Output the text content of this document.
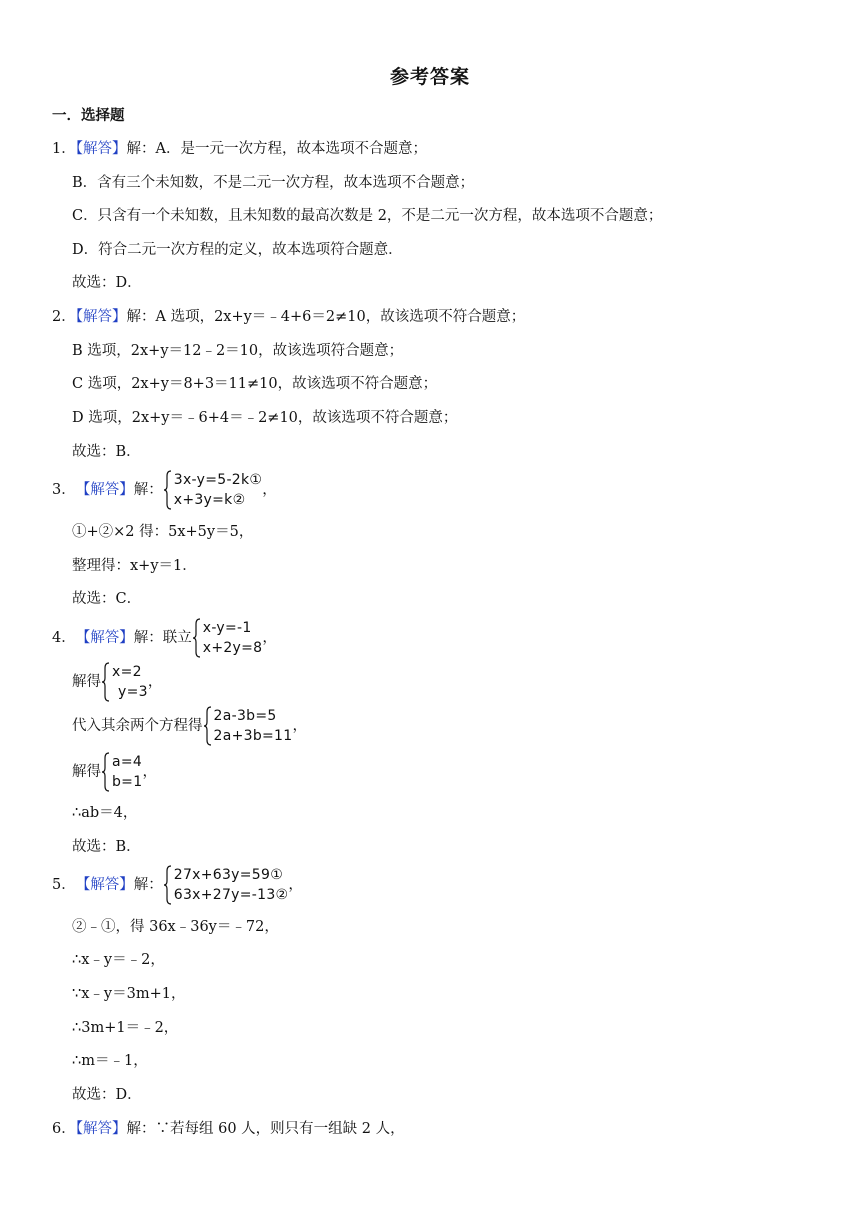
参考答案
一．选择题
1．【解答】解：A．是一元一次方程，故本选项不合题意；
B．含有三个未知数，不是二元一次方程，故本选项不合题意；
C．只含有一个未知数，且未知数的最高次数是 2，不是二元一次方程，故本选项不合题意；
D．符合二元一次方程的定义，故本选项符合题意．
故选：D．
2．【解答】解：A 选项，2x+y＝﹣4+6＝2≠10，故该选项不符合题意；
B 选项，2x+y＝12﹣2＝10，故该选项符合题意；
C 选项，2x+y＝8+3＝11≠10，故该选项不符合题意；
D 选项，2x+y＝﹣6+4＝﹣2≠10，故该选项不符合题意；
故选：B．
3． 【解答】 解：
3x-y=5-2k①
x+3y=k②
，
①+②×2 得：5x+5y＝5，
整理得：x+y＝1．
故选：C．
4． 【解答】 解：联立
x-y=-1
x+2y=8
，
解得
x=2
y=3
，
代入其余两个方程得
2a-3b=5
2a+3b=11
，
解得
a=4
b=1
，
∴ab＝4，
故选：B．
5． 【解答】 解：
27x+63y=59①
63x+27y=-13②
，
②﹣①，得 36x﹣36y＝﹣72，
∴x﹣y＝﹣2，
∵x﹣y＝3m+1，
∴3m+1＝﹣2，
∴m＝﹣1，
故选：D．
6．【解答】解：∵若每组 60 人，则只有一组缺 2 人，
